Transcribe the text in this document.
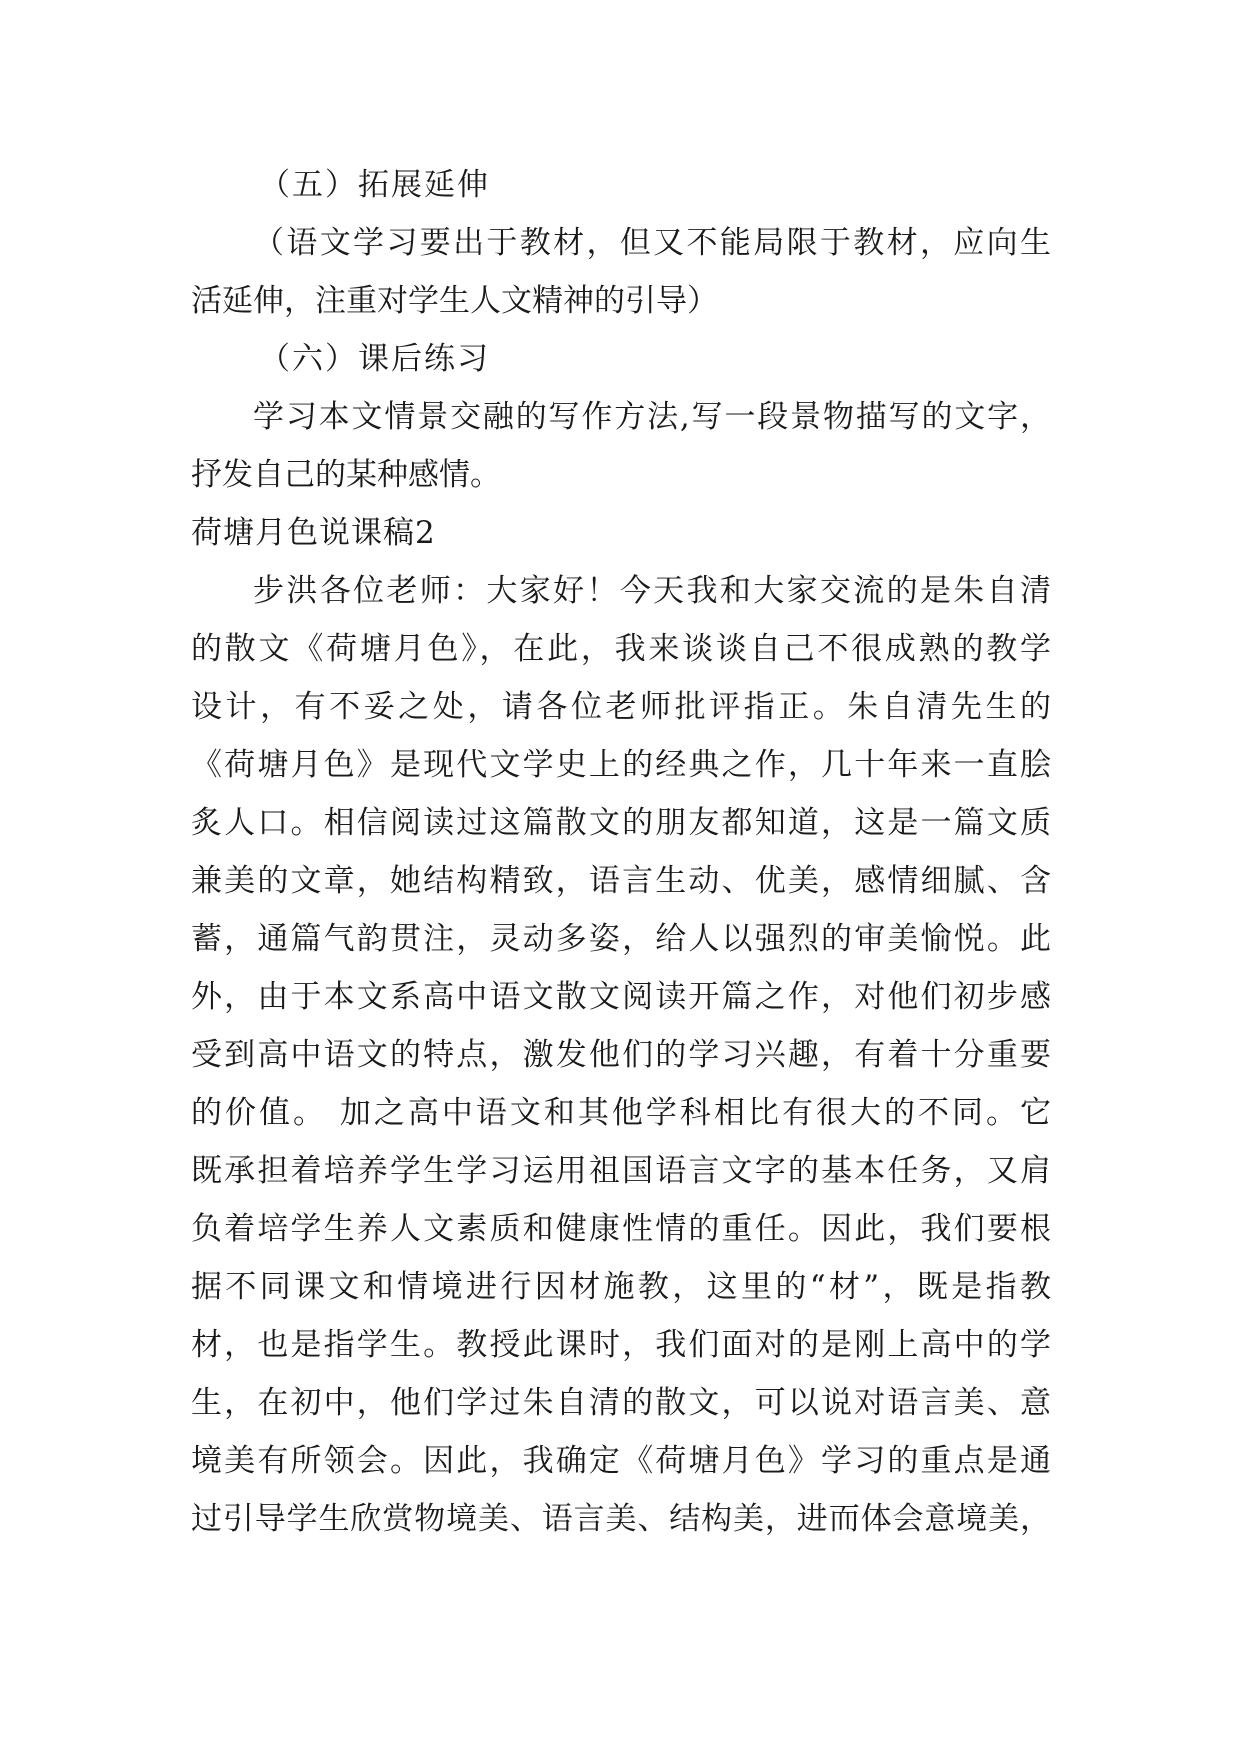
（五）拓展延伸
（语文学习要出于教材，但又不能局限于教材，应向生
活延伸，注重对学生人文精神的引导）
（六）课后练习
学习本文情景交融的写作方法,写一段景物描写的文字，
抒发自己的某种感情。
荷塘月色说课稿2
步洪各位老师：大家好！今天我和大家交流的是朱自清
的散文《荷塘月色》，在此，我来谈谈自己不很成熟的教学
设计，有不妥之处，请各位老师批评指正。朱自清先生的
《荷塘月色》是现代文学史上的经典之作，几十年来一直脍
炙人口。相信阅读过这篇散文的朋友都知道，这是一篇文质
兼美的文章，她结构精致，语言生动、优美，感情细腻、含
蓄，通篇气韵贯注，灵动多姿，给人以强烈的审美愉悦。此
外，由于本文系高中语文散文阅读开篇之作，对他们初步感
受到高中语文的特点，激发他们的学习兴趣，有着十分重要
的价值。 加之高中语文和其他学科相比有很大的不同。它
既承担着培养学生学习运用祖国语言文字的基本任务，又肩
负着培学生养人文素质和健康性情的重任。因此，我们要根
据不同课文和情境进行因材施教，这里的“材”，既是指教
材，也是指学生。教授此课时，我们面对的是刚上高中的学
生，在初中，他们学过朱自清的散文，可以说对语言美、意
境美有所领会。因此，我确定《荷塘月色》学习的重点是通
过引导学生欣赏物境美、语言美、结构美，进而体会意境美，
